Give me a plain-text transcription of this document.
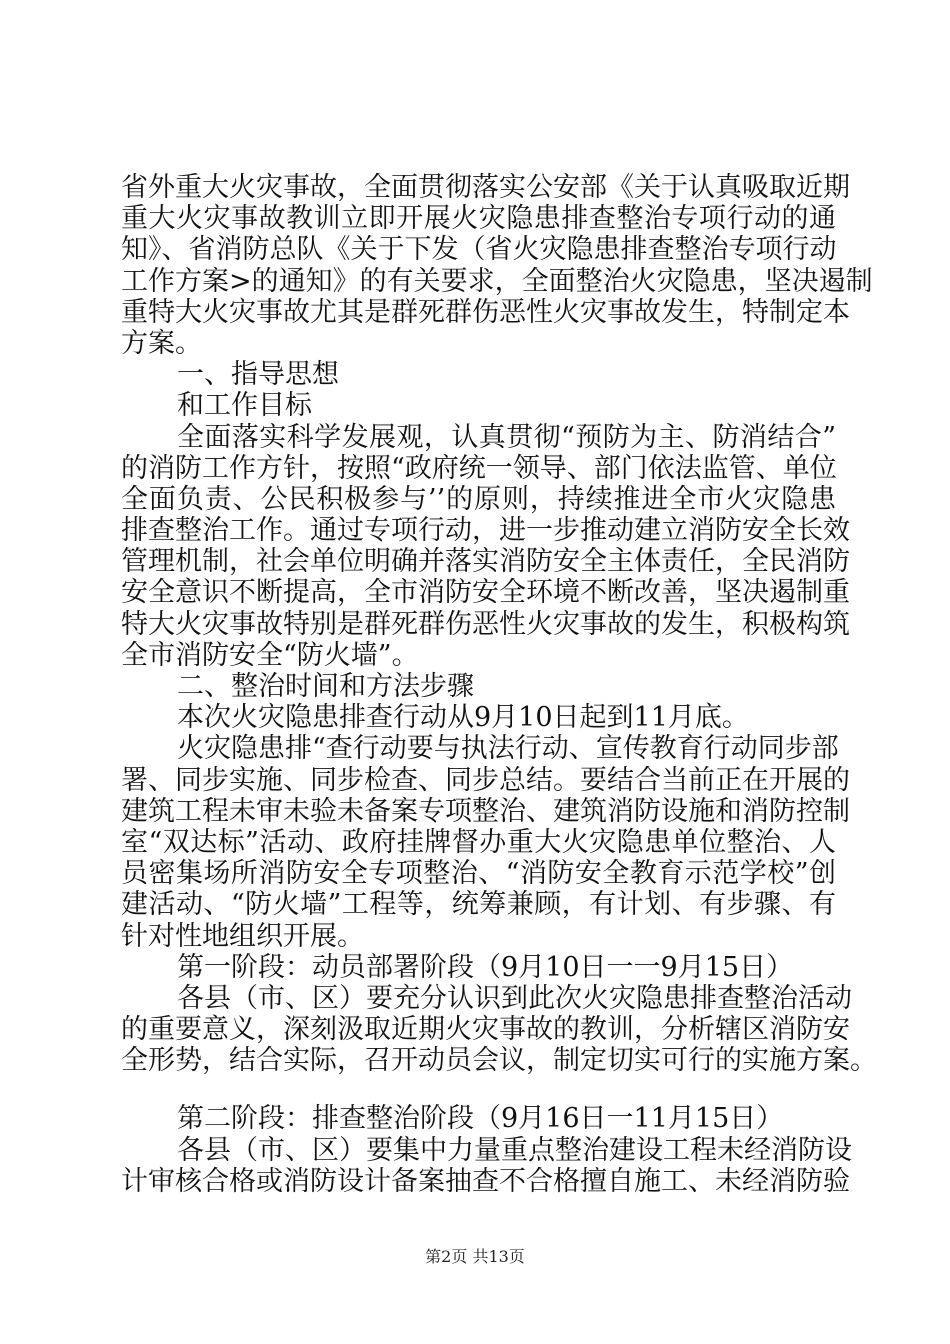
省外重大火灾事故，全面贯彻落实公安部《关于认真吸取近期
重大火灾事故教训立即开展火灾隐患排查整治专项行动的通
知》、省消防总队《关于下发（省火灾隐患排查整治专项行动
工作方案>的通知》的有关要求，全面整治火灾隐患，坚决遏制
重特大火灾事故尤其是群死群伤恶性火灾事故发生，特制定本
方案。
一、指导思想
和工作目标
全面落实科学发展观，认真贯彻“预防为主、防消结合”
的消防工作方针，按照“政府统一领导、部门依法监管、单位
全面负责、公民积极参与’’的原则，持续推进全市火灾隐患
排查整治工作。通过专项行动，进一步推动建立消防安全长效
管理机制，社会单位明确并落实消防安全主体责任，全民消防
安全意识不断提高，全市消防安全环境不断改善，坚决遏制重
特大火灾事故特别是群死群伤恶性火灾事故的发生，积极构筑
全市消防安全“防火墙”。
二、整治时间和方法步骤
本次火灾隐患排查行动从9月10日起到11月底。
火灾隐患排“查行动要与执法行动、宣传教育行动同步部
署、同步实施、同步检查、同步总结。要结合当前正在开展的
建筑工程未审未验未备案专项整治、建筑消防设施和消防控制
室“双达标”活动、政府挂牌督办重大火灾隐患单位整治、人
员密集场所消防安全专项整治、“消防安全教育示范学校”创
建活动、“防火墙”工程等，统筹兼顾，有计划、有步骤、有
针对性地组织开展。
第一阶段：动员部署阶段（9月10日一一9月15日）
各县（市、区）要充分认识到此次火灾隐患排查整治活动
的重要意义，深刻汲取近期火灾事故的教训，分析辖区消防安
全形势，结合实际，召开动员会议，制定切实可行的实施方案。
第二阶段：排查整治阶段（9月16日一11月15日）
各县（市、区）要集中力量重点整治建设工程未经消防设
计审核合格或消防设计备案抽查不合格擅自施工、未经消防验
第2页 共13页
